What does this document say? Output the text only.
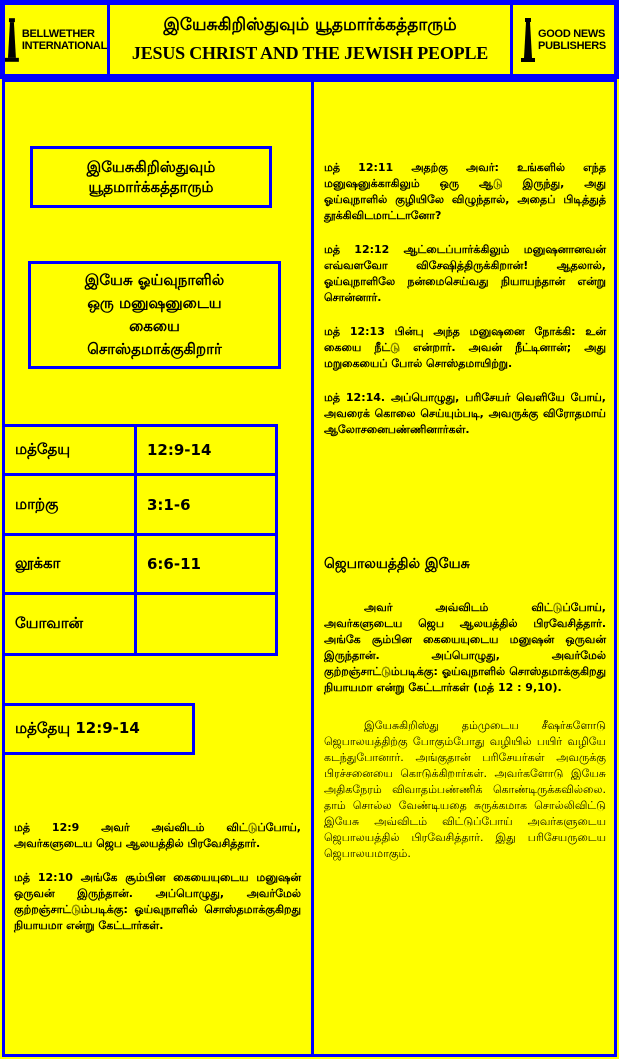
BELLWETHER
INTERNATIONAL
இயேசுகிறிஸ்துவும் யூதமார்க்கத்தாரும்
JESUS CHRIST AND THE JEWISH PEOPLE
GOOD NEWS
PUBLISHERS
இயேசுகிறிஸ்துவும்
யூதமார்க்கத்தாரும்
இயேசு ஓய்வுநாளில்
ஒரு மனுஷனுடைய
கையை
சொஸ்தமாக்குகிறார்
மத்தேயு	12:9-14
மாற்கு	3:1-6
லூக்கா	6:6-11
யோவான்
மத்தேயு 12:9-14

மத் 12:9 அவர் அவ்விடம் விட்டுப்போய், அவர்களுடைய ஜெப ஆலயத்தில் பிரவேசித்தார்.

மத் 12:10 அங்கே சூம்பின கையையுடைய மனுஷன் ஒருவன் இருந்தான். அப்பொழுது, அவர்மேல் குற்றஞ்சாட்டும்படிக்கு: ஓய்வுநாளில் சொஸ்தமாக்குகிறது நியாயமா என்று கேட்டார்கள்.

மத் 12:11 அதற்கு அவர்: உங்களில் எந்த மனுஷனுக்காகிலும் ஒரு ஆடு இருந்து, அது ஓய்வுநாளில் குழியிலே விழுந்தால், அதைப் பிடித்துத் தூக்கிவிடமாட்டானோ?

மத் 12:12 ஆட்டைப்பார்க்கிலும் மனுஷனானவன் எவ்வளவோ விசேஷித்திருக்கிறான்! ஆதலால், ஓய்வுநாளிலே நன்மைசெய்வது நியாயந்தான் என்று சொன்னார்.

மத் 12:13 பின்பு அந்த மனுஷனை நோக்கி: உன் கையை நீட்டு என்றார். அவன் நீட்டினான்; அது மறுகையைப் போல் சொஸ்தமாயிற்று.

மத் 12:14. அப்பொழுது, பரிசேயர் வெளியே போய், அவரைக் கொலை செய்யும்படி, அவருக்கு விரோதமாய் ஆலோசனைபண்ணினார்கள்.

ஜெபாலயத்தில் இயேசு

அவர் அவ்விடம் விட்டுப்போய், அவர்களுடைய ஜெப ஆலயத்தில் பிரவேசித்தார். அங்கே சூம்பின கையையுடைய மனுஷன் ஒருவன் இருந்தான். அப்பொழுது, அவர்மேல் குற்றஞ்சாட்டும்படிக்கு: ஓய்வுநாளில் சொஸ்தமாக்குகிறது நியாயமா என்று கேட்டார்கள் (மத் 12 : 9,10).

இயேசுகிறிஸ்து தம்முடைய சீஷர்களோடு ஜெபாலயத்திற்கு போகும்போது வழியில் பயிர் வழியே கடந்துபோனார். அங்குதான் பரிசேயர்கள் அவருக்கு பிரச்சனையை கொடுக்கிறார்கள். அவர்களோடு இயேசு அதிகநேரம் விவாதம்பண்ணிக் கொண்டிருக்கவில்லை. தாம் சொல்ல வேண்டியதை சுருக்கமாக சொல்லிவிட்டு இயேசு அவ்விடம் விட்டுப்போய் அவர்களுடைய ஜெபாலயத்தில் பிரவேசித்தார். இது பரிசேயருடைய ஜெபாலயமாகும்.
